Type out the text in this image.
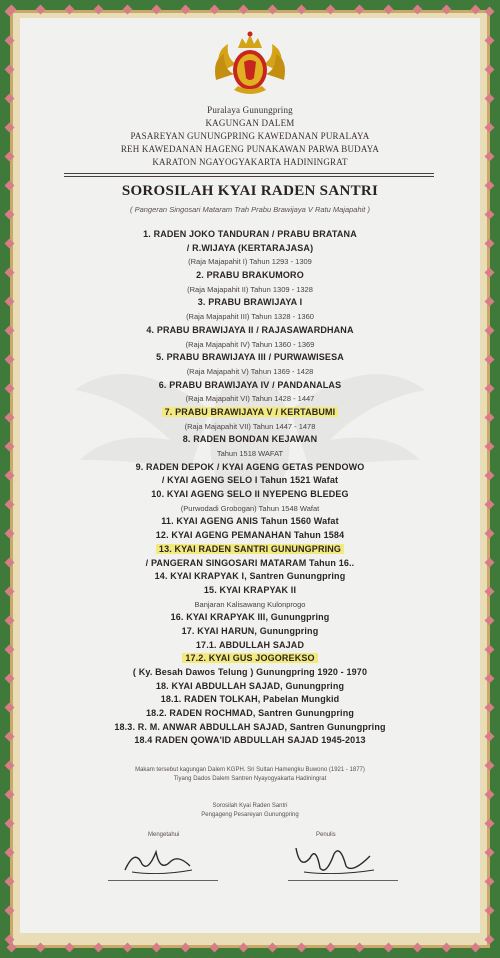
Puralaya Gunungpring
KAGUNGAN DALEM
PASAREYAN GUNUNGPRING KAWEDANAN PURALAYA
REH KAWEDANAN HAGENG PUNAKAWAN PARWA BUDAYA
KARATON NGAYOGYAKARTA HADININGRAT
SOROSILAH KYAI RADEN SANTRI
( Pangeran Singosari Mataram Trah Prabu Brawijaya V Ratu Majapahit )
1. RADEN JOKO TANDURAN / PRABU BRATANA
/ R.WIJAYA (KERTARAJASA)
(Raja Majapahit I) Tahun 1293 - 1309
2. PRABU BRAKUMORO
(Raja Majapahit II) Tahun 1309 - 1328
3. PRABU BRAWIJAYA I
(Raja Majapahit III) Tahun 1328 - 1360
4. PRABU BRAWIJAYA II / RAJASAWARDHANA
(Raja Majapahit IV) Tahun 1360 - 1369
5. PRABU BRAWIJAYA III / PURWAWISESA
(Raja Majapahit V) Tahun 1369 - 1428
6. PRABU BRAWIJAYA IV / PANDANALAS
(Raja Majapahit VI) Tahun 1428 - 1447
7. PRABU BRAWIJAYA V / KERTABUMI
(Raja Majapahit VII) Tahun 1447 - 1478
8. RADEN BONDAN KEJAWAN
Tahun 1518 WAFAT
9. RADEN DEPOK / KYAI AGENG GETAS PENDOWO
/ KYAI AGENG SELO I Tahun 1521 Wafat
10. KYAI AGENG SELO II NYEPENG BLEDEG
(Purwodadi Grobogan) Tahun 1548 Wafat
11. KYAI AGENG ANIS Tahun 1560 Wafat
12. KYAI AGENG PEMANAHAN Tahun 1584
13. KYAI RADEN SANTRI GUNUNGPRING
/ PANGERAN SINGOSARI MATARAM Tahun 16..
14. KYAI KRAPYAK I, Santren Gunungpring
15. KYAI KRAPYAK II
Banjaran Kalisawang Kulonprogo
16. KYAI KRAPYAK III, Gunungpring
17. KYAI HARUN, Gunungpring
17.1. ABDULLAH SAJAD
17.2. KYAI GUS JOGOREKSO
( Ky. Besah Dawos Telung ) Gunungpring 1920 - 1970
18. KYAI ABDULLAH SAJAD, Gunungpring
18.1. RADEN TOLKAH, Pabelan Mungkid
18.2. RADEN ROCHMAD, Santren Gunungpring
18.3. R. M. ANWAR ABDULLAH SAJAD, Santren Gunungpring
18.4 RADEN QOWA'ID ABDULLAH SAJAD 1945-2013
Makam tersebut kagungan Dalem KGPH. Sri Sultan Hamengku Buwono (1921 - 1877)
Tiyang Dados Dalem Santren Nyayogyakarta Hadiningrat
Sorosilah Kyai Raden Santri
Pengageng Pesareyan Gunungpring
Mengetahui	Penulis
